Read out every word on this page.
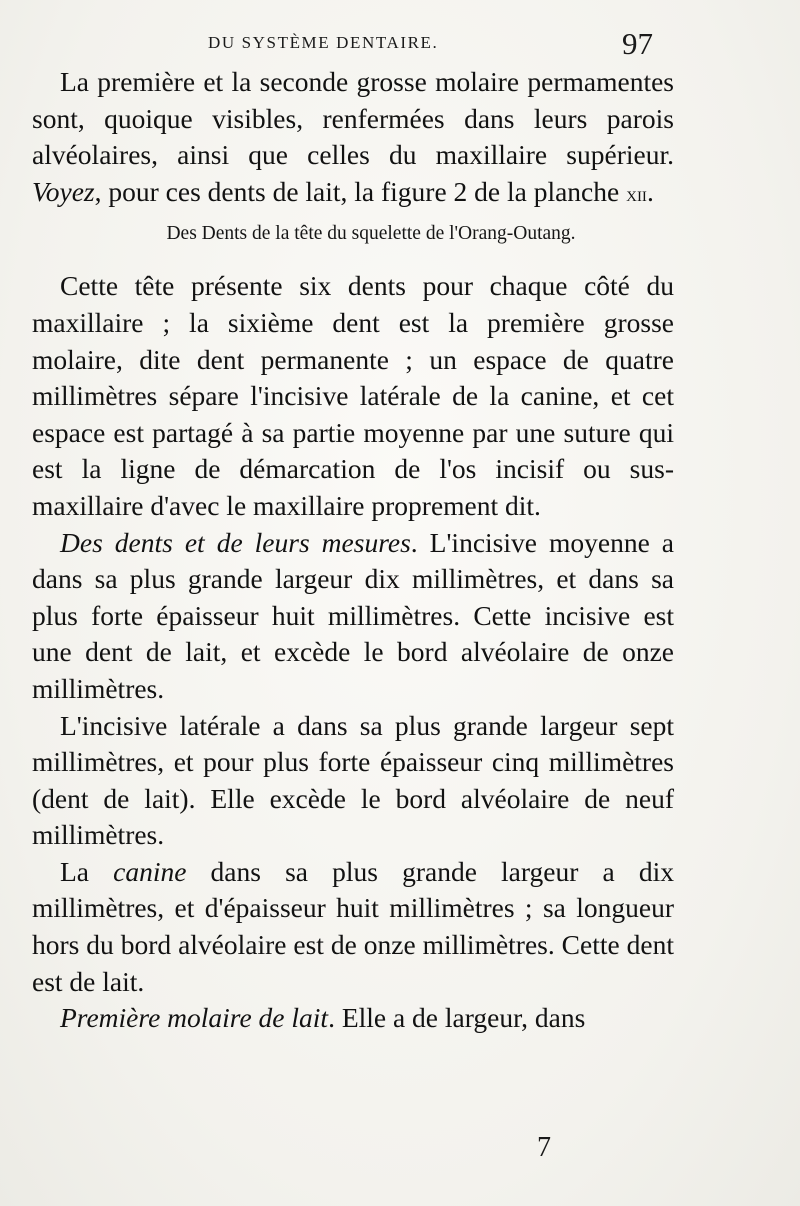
DU SYSTÈME DENTAIRE.	97

La première et la seconde grosse molaire permamentes sont, quoique visibles, renfermées dans leurs parois alvéolaires, ainsi que celles du maxillaire supérieur. Voyez, pour ces dents de lait, la figure 2 de la planche xii.

Des Dents de la tête du squelette de l'Orang-Outang.

Cette tête présente six dents pour chaque côté du maxillaire ; la sixième dent est la première grosse molaire, dite dent permanente ; un espace de quatre millimètres sépare l'incisive latérale de la canine, et cet espace est partagé à sa partie moyenne par une suture qui est la ligne de démarcation de l'os incisif ou sus-maxillaire d'avec le maxillaire proprement dit.

Des dents et de leurs mesures. L'incisive moyenne a dans sa plus grande largeur dix millimètres, et dans sa plus forte épaisseur huit millimètres. Cette incisive est une dent de lait, et excède le bord alvéolaire de onze millimètres.

L'incisive latérale a dans sa plus grande largeur sept millimètres, et pour plus forte épaisseur cinq millimètres (dent de lait). Elle excède le bord alvéolaire de neuf millimètres.

La canine dans sa plus grande largeur a dix millimètres, et d'épaisseur huit millimètres ; sa longueur hors du bord alvéolaire est de onze millimètres. Cette dent est de lait.

Première molaire de lait. Elle a de largeur, dans

7
